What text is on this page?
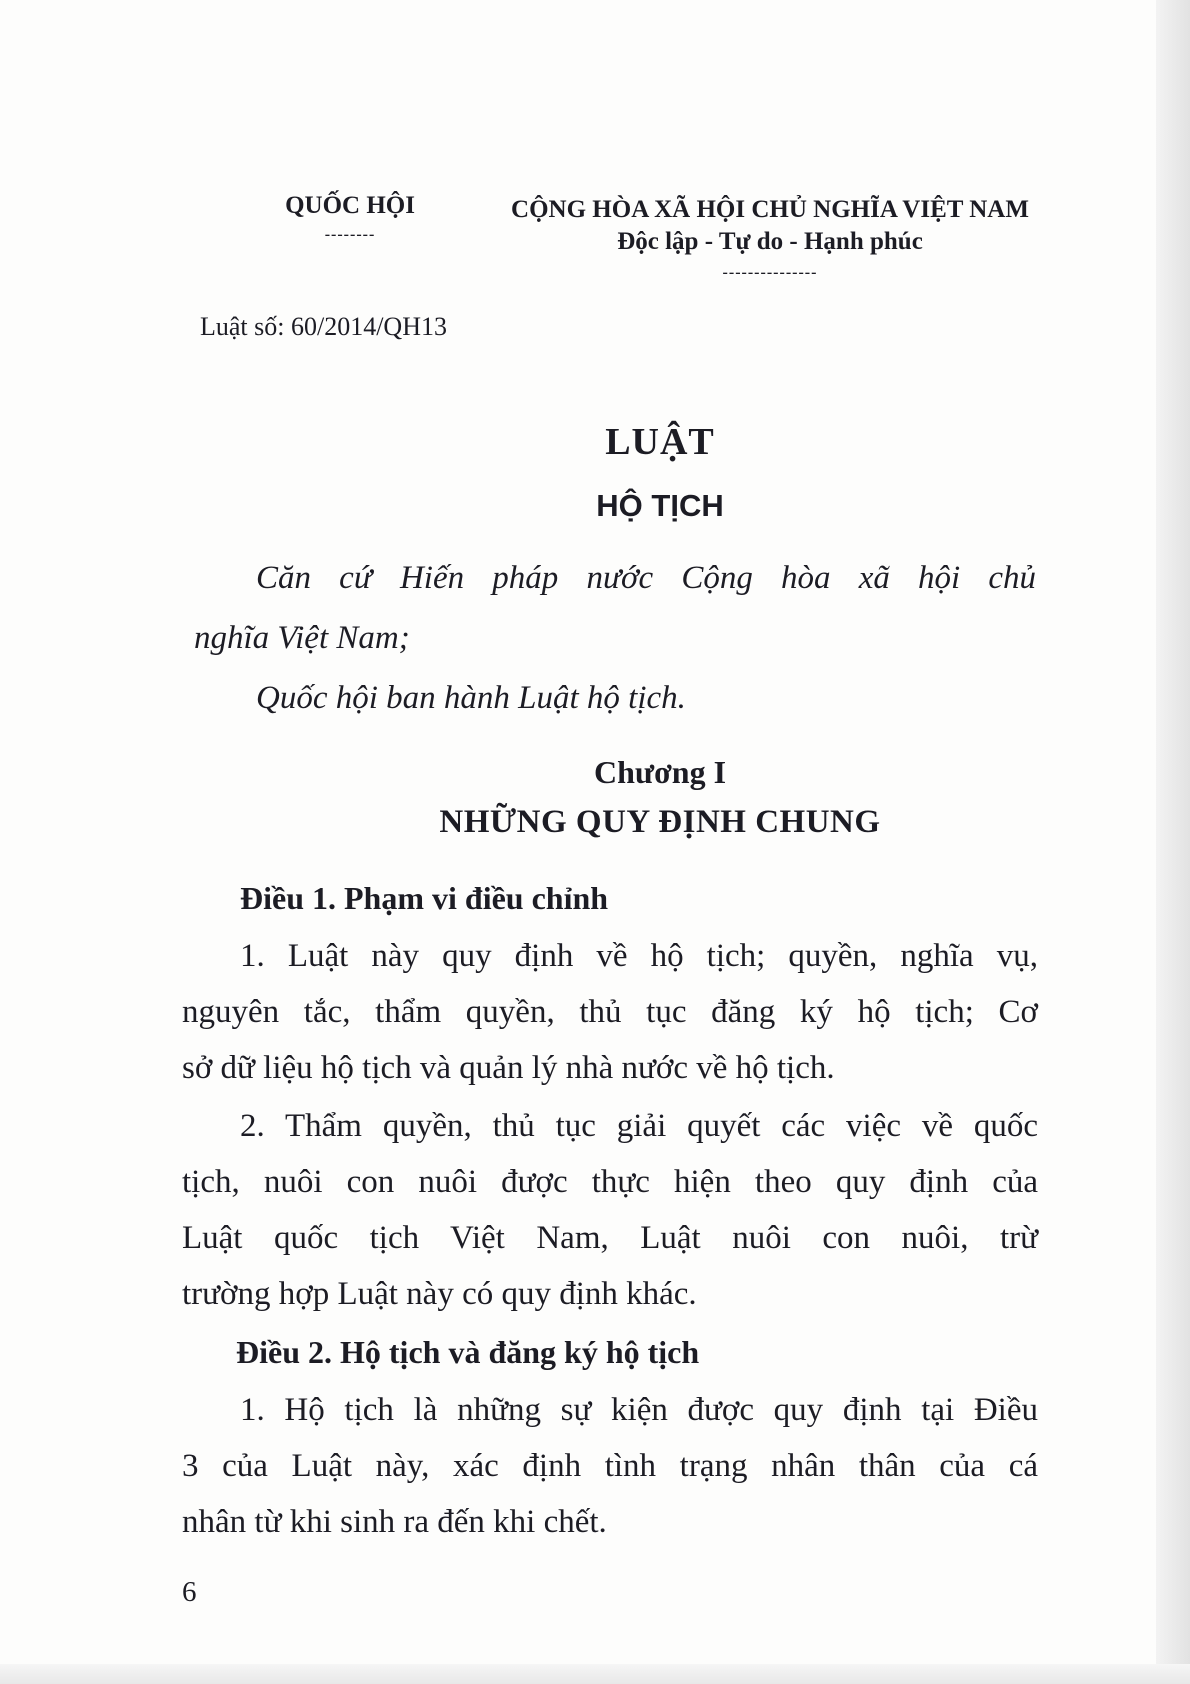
QUỐC HỘI
--------
CỘNG HÒA XÃ HỘI CHỦ NGHĨA VIỆT NAM
Độc lập - Tự do - Hạnh phúc
---------------
Luật số: 60/2014/QH13
LUẬT
HỘ TỊCH
Căn cứ Hiến pháp nước Cộng hòa xã hội chủ
nghĩa Việt Nam;
Quốc hội ban hành Luật hộ tịch.
Chương I
NHỮNG QUY ĐỊNH CHUNG
Điều 1. Phạm vi điều chỉnh
1. Luật này quy định về hộ tịch; quyền, nghĩa vụ,
nguyên tắc, thẩm quyền, thủ tục đăng ký hộ tịch; Cơ
sở dữ liệu hộ tịch và quản lý nhà nước về hộ tịch.
2. Thẩm quyền, thủ tục giải quyết các việc về quốc
tịch, nuôi con nuôi được thực hiện theo quy định của
Luật quốc tịch Việt Nam, Luật nuôi con nuôi, trừ
trường hợp Luật này có quy định khác.
Điều 2. Hộ tịch và đăng ký hộ tịch
1. Hộ tịch là những sự kiện được quy định tại Điều
3 của Luật này, xác định tình trạng nhân thân của cá
nhân từ khi sinh ra đến khi chết.
6
